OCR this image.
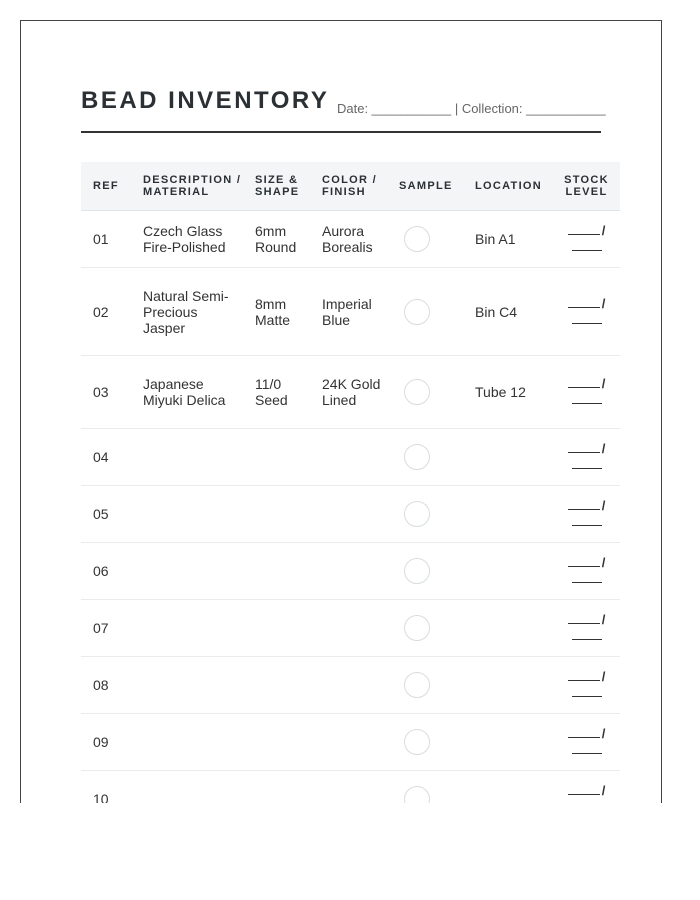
BEAD INVENTORY Date: ___________ | Collection: ___________
REF	DESCRIPTION / MATERIAL	SIZE & SHAPE	COLOR / FINISH	SAMPLE	LOCATION	STOCK LEVEL
01	Czech Glass Fire-Polished	6mm Round	Aurora Borealis		Bin A1	/

02	Natural Semi-Precious Jasper	8mm Matte	Imperial Blue		Bin C4	/

03	Japanese Miyuki Delica	11/0 Seed	24K Gold Lined		Tube 12	/

04						/

05						/

06						/

07						/

08						/

09						/

10						/
